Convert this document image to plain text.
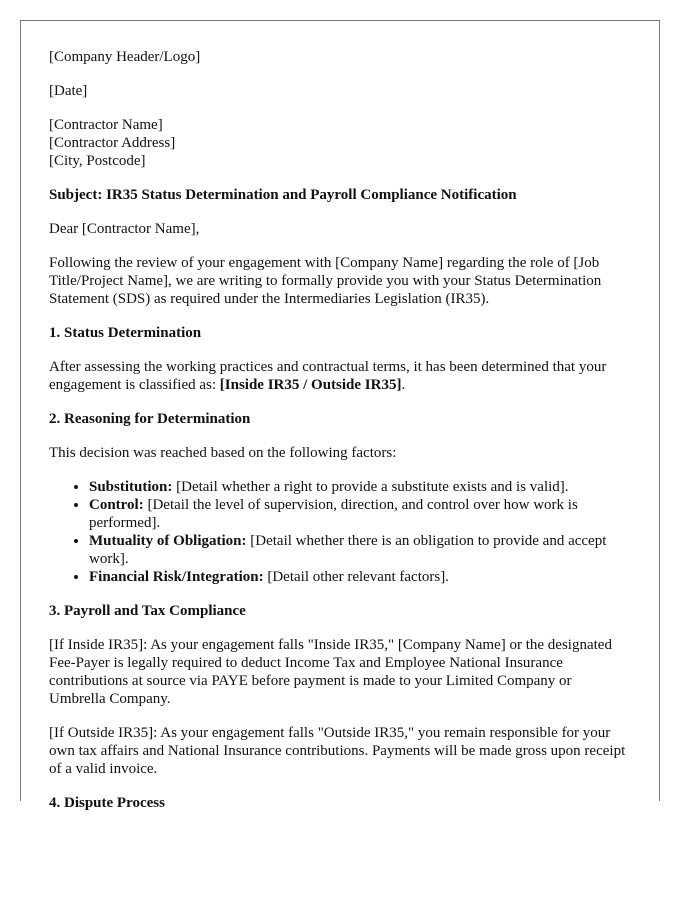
[Company Header/Logo]

[Date]

[Contractor Name]
[Contractor Address]
[City, Postcode]

Subject: IR35 Status Determination and Payroll Compliance Notification

Dear [Contractor Name],

Following the review of your engagement with [Company Name] regarding the role of [Job Title/Project Name], we are writing to formally provide you with your Status Determination Statement (SDS) as required under the Intermediaries Legislation (IR35).

1. Status Determination

After assessing the working practices and contractual terms, it has been determined that your engagement is classified as: [Inside IR35 / Outside IR35].

2. Reasoning for Determination

This decision was reached based on the following factors:

• Substitution: [Detail whether a right to provide a substitute exists and is valid].
• Control: [Detail the level of supervision, direction, and control over how work is performed].
• Mutuality of Obligation: [Detail whether there is an obligation to provide and accept work].
• Financial Risk/Integration: [Detail other relevant factors].
3. Payroll and Tax Compliance

[If Inside IR35]: As your engagement falls "Inside IR35," [Company Name] or the designated Fee-Payer is legally required to deduct Income Tax and Employee National Insurance contributions at source via PAYE before payment is made to your Limited Company or Umbrella Company.

[If Outside IR35]: As your engagement falls "Outside IR35," you remain responsible for your own tax affairs and National Insurance contributions. Payments will be made gross upon receipt of a valid invoice.

4. Dispute Process
